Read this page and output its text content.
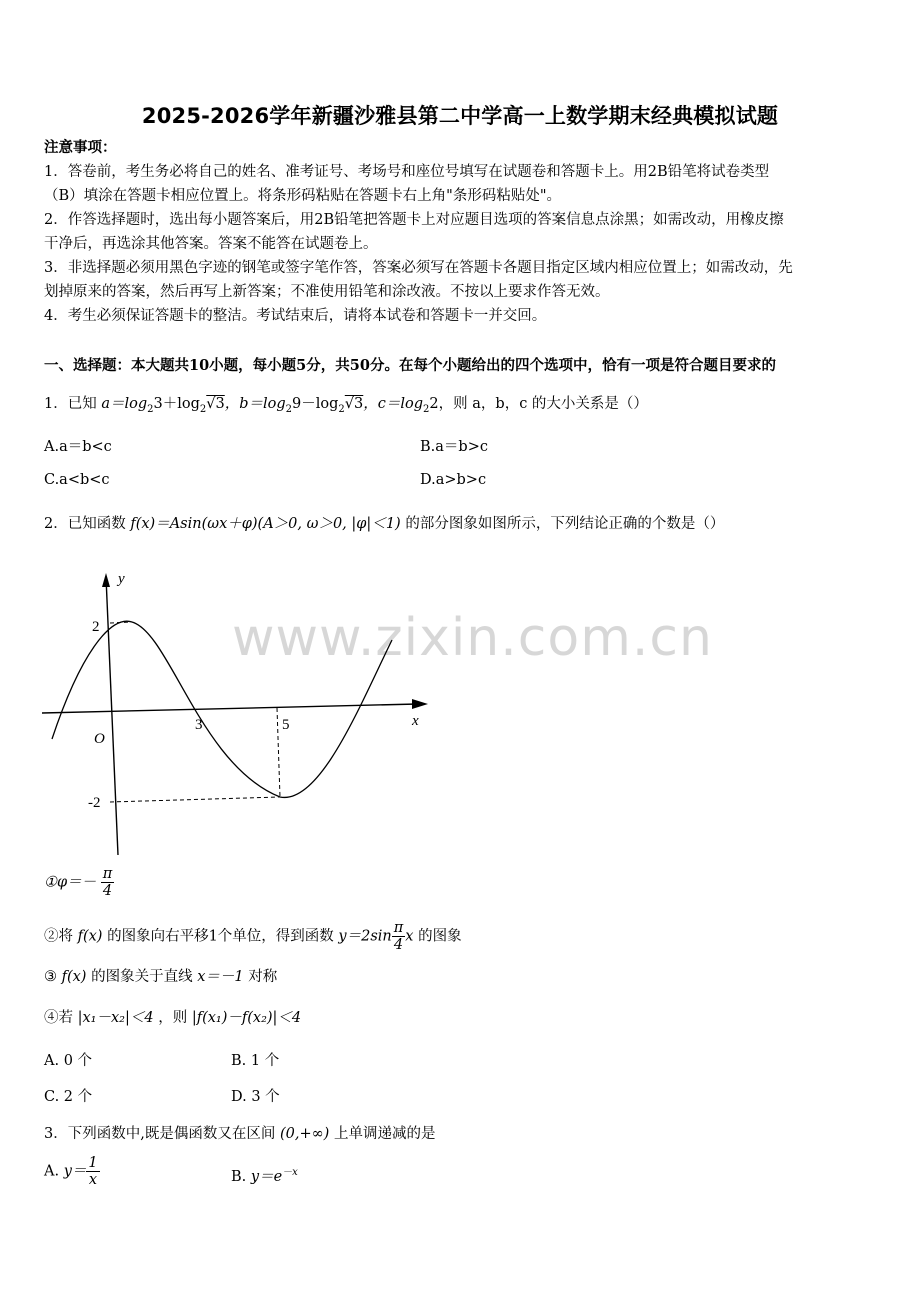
2025-2026学年新疆沙雅县第二中学高一上数学期末经典模拟试题
注意事项：
1．答卷前，考生务必将自己的姓名、准考证号、考场号和座位号填写在试题卷和答题卡上。用2B铅笔将试卷类型
（B）填涂在答题卡相应位置上。将条形码粘贴在答题卡右上角"条形码粘贴处"。
2．作答选择题时，选出每小题答案后，用2B铅笔把答题卡上对应题目选项的答案信息点涂黑；如需改动，用橡皮擦
干净后，再选涂其他答案。答案不能答在试题卷上。
3．非选择题必须用黑色字迹的钢笔或签字笔作答，答案必须写在答题卡各题目指定区域内相应位置上；如需改动，先
划掉原来的答案，然后再写上新答案；不准使用铅笔和涂改液。不按以上要求作答无效。
4．考生必须保证答题卡的整洁。考试结束后，请将本试卷和答题卡一并交回。
一、选择题：本大题共10小题，每小题5分，共50分。在每个小题给出的四个选项中，恰有一项是符合题目要求的
1．已知 $a=\log_23+\log_2√3$，$b=\log_29-\log_2√3$，$c=\log_22$，则 a，b，c 的大小关系是（）
A.a＝b<c	B.a＝b>c
C.a<b<c	D.a>b>c
2．已知函数 f(x)＝Asin(ωx＋φ)(A＞0, ω＞0, |φ|＜1) 的部分图象如图所示，下列结论正确的个数是（）
www.zixin.com.cn
y
x
O
2
-2
3	5
①φ＝－ $\frac{\pi}{4}$
②将 f(x) 的图象向右平移1个单位，得到函数 $y=2\sin \frac{\pi}{4}$ x 的图象
③ f(x) 的图象关于直线 x＝－1 对称
④若 |x₁－x₂|＜4 ，则 |f(x₁)－f(x₂)|＜4
A. 0 个	B. 1 个
C. 2 个	D. 3 个
3．下列函数中,既是偶函数又在区间 (0,+∞) 上单调递减的是
A. $y= \frac{1}{x}$	B. $y=e^{-x}$
